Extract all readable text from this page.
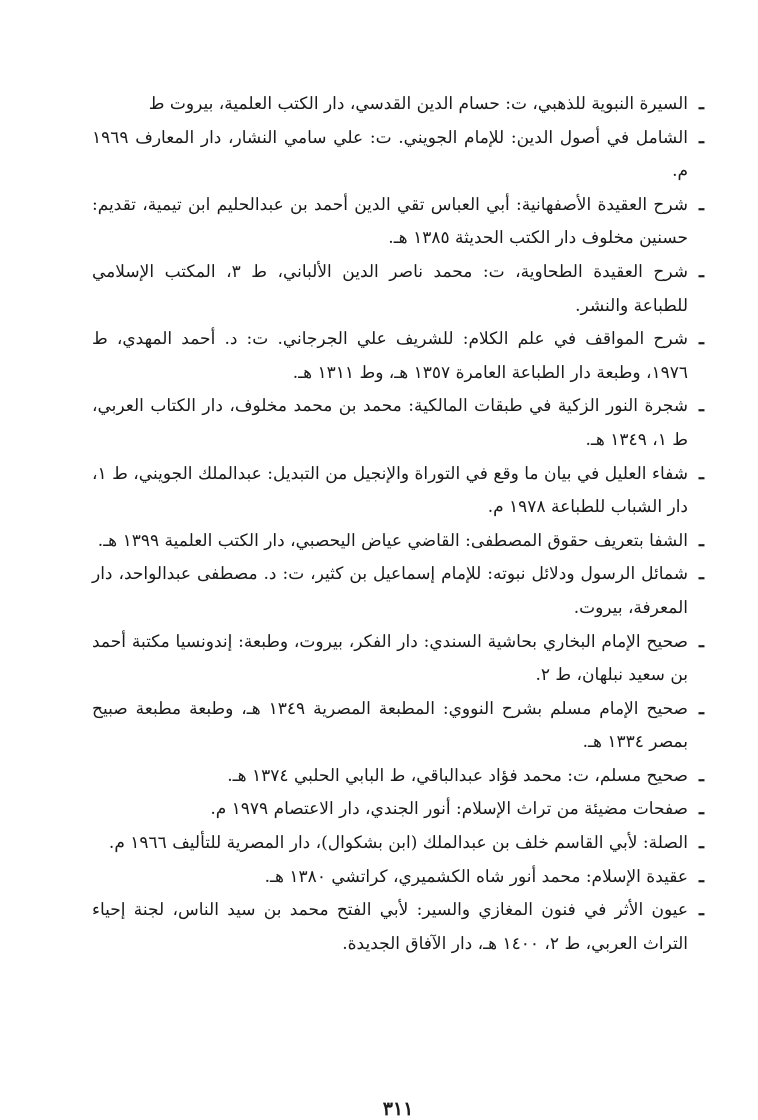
ـ
السيرة النبوية للذهبي، ت: حسام الدين القدسي، دار الكتب العلمية، بيروت ط
ـ
الشامل في أصول الدين: للإمام الجويني. ت: علي سامي النشار، دار المعارف ١٩٦٩ م.
ـ
شرح العقيدة الأصفهانية: أبي العباس تقي الدين أحمد بن عبدالحليم ابن تيمية، تقديم: حسنين مخلوف دار الكتب الحديثة ١٣٨٥ هـ.
ـ
شرح العقيدة الطحاوية، ت: محمد ناصر الدين الألباني، ط ٣، المكتب الإسلامي للطباعة والنشر.
ـ
شرح المواقف في علم الكلام: للشريف علي الجرجاني. ت: د. أحمد المهدي، ط ١٩٧٦، وطبعة دار الطباعة العامرة ١٣٥٧ هـ، وط ١٣١١ هـ.
ـ
شجرة النور الزكية في طبقات المالكية: محمد بن محمد مخلوف، دار الكتاب العربي، ط ١، ١٣٤٩ هـ.
ـ
شفاء العليل في بيان ما وقع في التوراة والإنجيل من التبديل: عبدالملك الجويني، ط ١، دار الشباب للطباعة ١٩٧٨ م.
ـ
الشفا بتعريف حقوق المصطفى: القاضي عياض اليحصبي، دار الكتب العلمية ١٣٩٩ هـ.
ـ
شمائل الرسول ودلائل نبوته: للإمام إسماعيل بن كثير، ت: د. مصطفى عبدالواحد، دار المعرفة، بيروت.
ـ
صحيح الإمام البخاري بحاشية السندي: دار الفكر، بيروت، وطبعة: إندونسيا مكتبة أحمد بن سعيد نبلهان، ط ٢.
ـ
صحيح الإمام مسلم بشرح النووي: المطبعة المصرية ١٣٤٩ هـ، وطبعة مطبعة صبيح بمصر ١٣٣٤ هـ.
ـ
صحيح مسلم، ت: محمد فؤاد عبدالباقي، ط البابي الحلبي ١٣٧٤ هـ.
ـ
صفحات مضيئة من تراث الإسلام: أنور الجندي، دار الاعتصام ١٩٧٩ م.
ـ
الصلة: لأبي القاسم خلف بن عبدالملك (ابن بشكوال)، دار المصرية للتأليف ١٩٦٦ م.
ـ
عقيدة الإسلام: محمد أنور شاه الكشميري، كراتشي ١٣٨٠ هـ.
ـ
عيون الأثر في فنون المغازي والسير: لأبي الفتح محمد بن سيد الناس، لجنة إحياء التراث العربي، ط ٢، ١٤٠٠ هـ، دار الآفاق الجديدة.
٣١١
